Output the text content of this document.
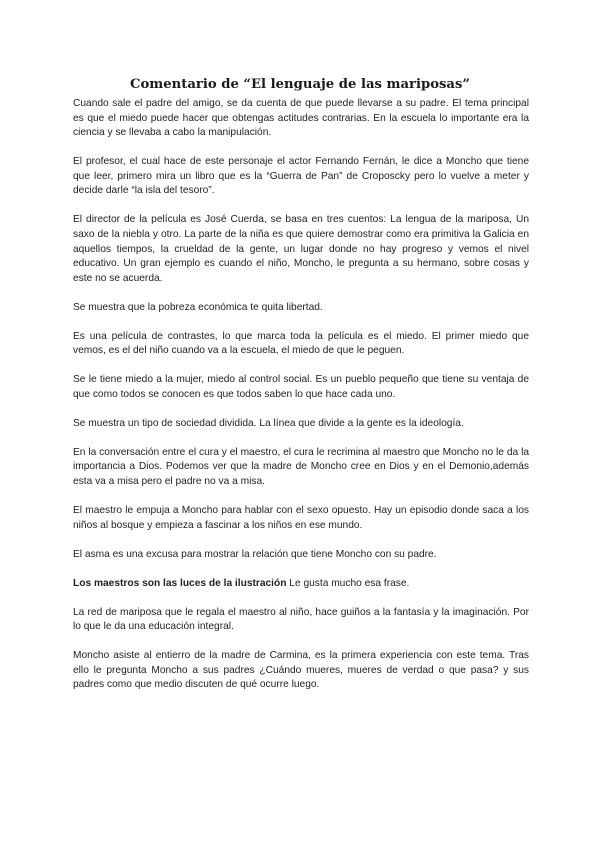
Comentario de “El lenguaje de las mariposas”

Cuando sale el padre del amigo, se da cuenta de que puede llevarse a su padre. El tema principal es que el miedo puede hacer que obtengas actitudes contrarias. En la escuela lo importante era la ciencia y se llevaba a cabo la manipulación.

El profesor, el cual hace de este personaje el actor Fernando Fernán, le dice a Moncho que tiene que leer, primero mira un libro que es la “Guerra de Pan” de Croposcky pero lo vuelve a meter y decide darle “la isla del tesoro”.

El director de la película es José Cuerda, se basa en tres cuentos: La lengua de la mariposa, Un saxo de la niebla y otro. La parte de la niña es que quiere demostrar como era primitiva la Galicia en aquellos tiempos, la crueldad de la gente, un lugar donde no hay progreso y vemos el nivel educativo. Un gran ejemplo es cuando el niño, Moncho, le pregunta a su hermano, sobre cosas y este no se acuerda.

Se muestra que la pobreza económica te quita libertad.

Es una película de contrastes, lo que marca toda la película es el miedo. El primer miedo que vemos, es el del niño cuando va a la escuela, el miedo de que le peguen.

Se le tiene miedo a la mujer, miedo al control social. Es un pueblo pequeño que tiene su ventaja de que como todos se conocen es que todos saben lo que hace cada uno.

Se muestra un tipo de sociedad dividida. La línea que divide a la gente es la ideología.

En la conversación entre el cura y el maestro, el cura le recrimina al maestro que Moncho no le da la importancia a Dios. Podemos ver que la madre de Moncho cree en Dios y en el Demonio,además esta va a misa pero el padre no va a misa.

El maestro le empuja a Moncho para hablar con el sexo opuesto. Hay un episodio donde saca a los niños al bosque y empieza a fascinar a los niños en ese mundo.

El asma es una excusa para mostrar la relación que tiene Moncho con su padre.

Los maestros son las luces de la ilustración Le gusta mucho esa frase.

La red de mariposa que le regala el maestro al niño, hace guiños a la fantasía y la imaginación. Por lo que le da una educación integral.

Moncho asiste al entierro de la madre de Carmina, es la primera experiencia con este tema. Tras ello le pregunta Moncho a sus padres ¿Cuándo mueres, mueres de verdad o que pasa? y sus padres como que medio discuten de qué ocurre luego.
